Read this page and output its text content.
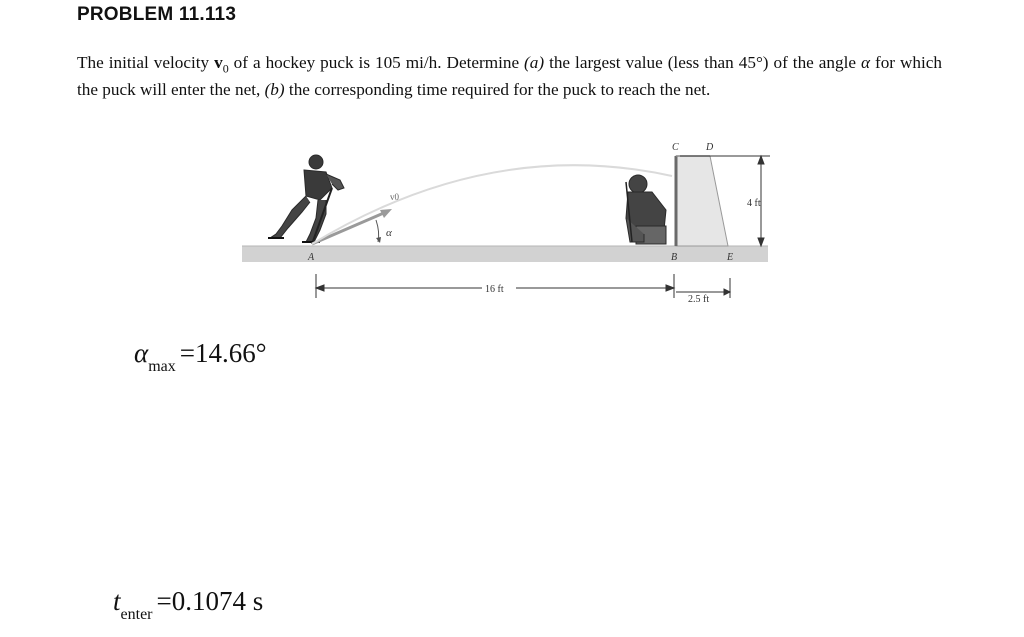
PROBLEM 11.113
The initial velocity $v_0$ of a hockey puck is 105 mi/h. Determine (a) the largest value (less than 45°) of the angle α for which the puck will enter the net, (b) the corresponding time required for the puck to reach the net.
v0
α
A
C	D
B	E
4 ft
16 ft
2.5 ft
$\alpha_{max} =14.66^\circ$
$t_{enter} =0.1074$ s
